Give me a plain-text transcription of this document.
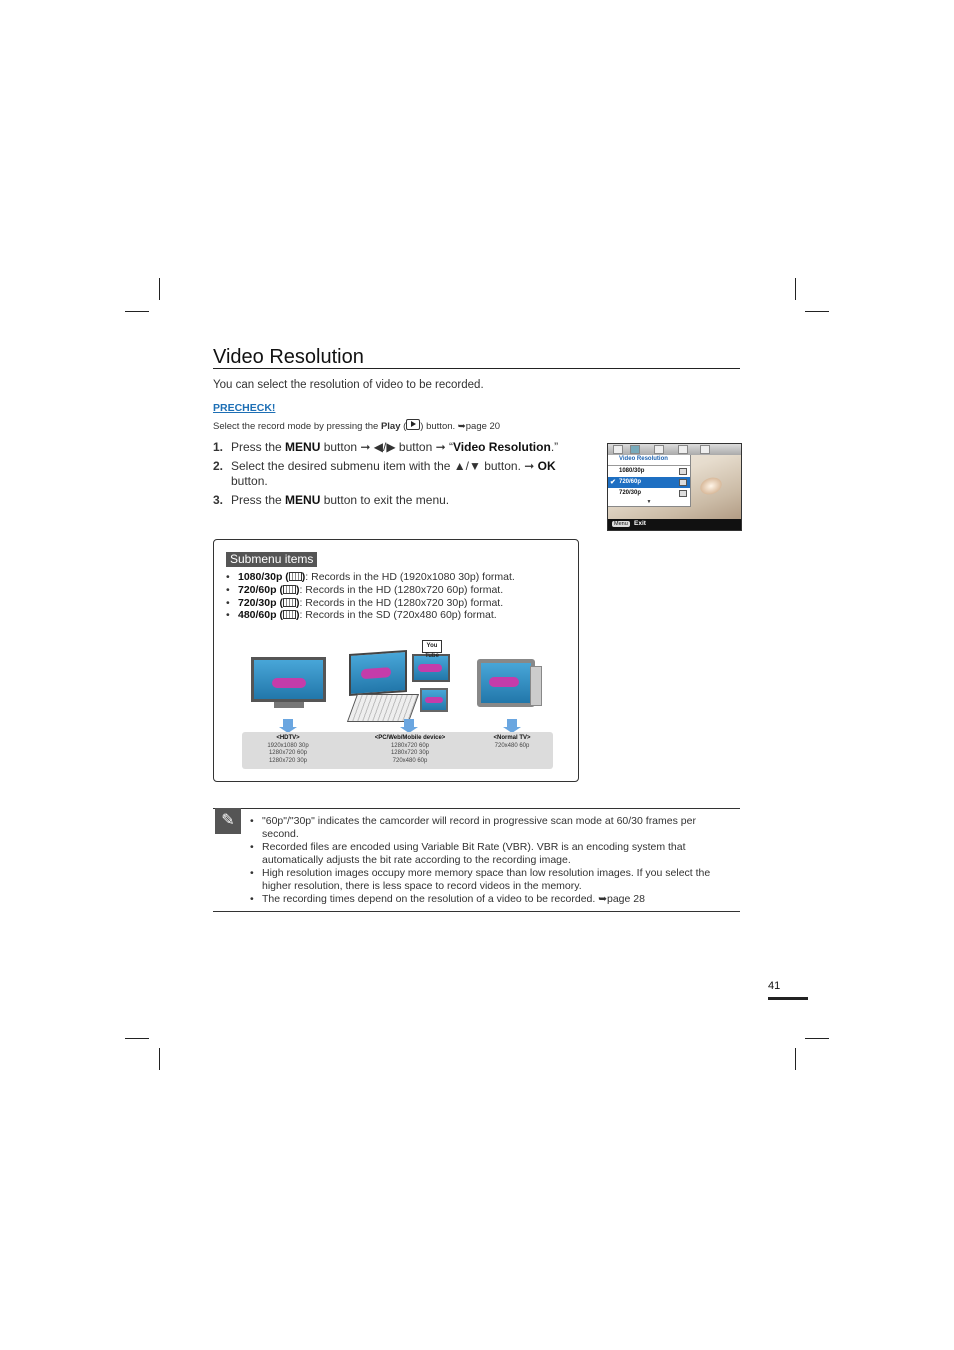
Video Resolution
You can select the resolution of video to be recorded.
PRECHECK!
Select the record mode by pressing the Play ( ) button. ➥page 20
1. Press the MENU button ➞ ◀/▶ button ➞ “Video Resolution.”
2. Select the desired submenu item with the ▲/▼ button. ➞ OK button.
3. Press the MENU button to exit the menu.
Video Resolution
1080/30p
✔ 720/60p
720/30p
▼
Menu Exit
Submenu items
• 1080/30p ( ): Records in the HD (1920x1080 30p) format.
• 720/60p ( ): Records in the HD (1280x720 60p) format.
• 720/30p ( ): Records in the HD (1280x720 30p) format.
• 480/60p ( ): Records in the SD (720x480 60p) format.
You Tube
<HDTV>
1920x1080 30p
1280x720 60p
1280x720 30p
<PC/Web/Mobile device>
1280x720 60p
1280x720 30p
720x480 60p
<Normal TV>
720x480 60p
✎
•	"60p"/"30p" indicates the camcorder will record in progressive scan mode at 60/30 frames per second.
• Recorded files are encoded using Variable Bit Rate (VBR). VBR is an encoding system that automatically adjusts the bit rate according to the recording image.
• High resolution images occupy more memory space than low resolution images. If you select the higher resolution, there is less space to record videos in the memory.
• The recording times depend on the resolution of a video to be recorded. ➥page 28
41
